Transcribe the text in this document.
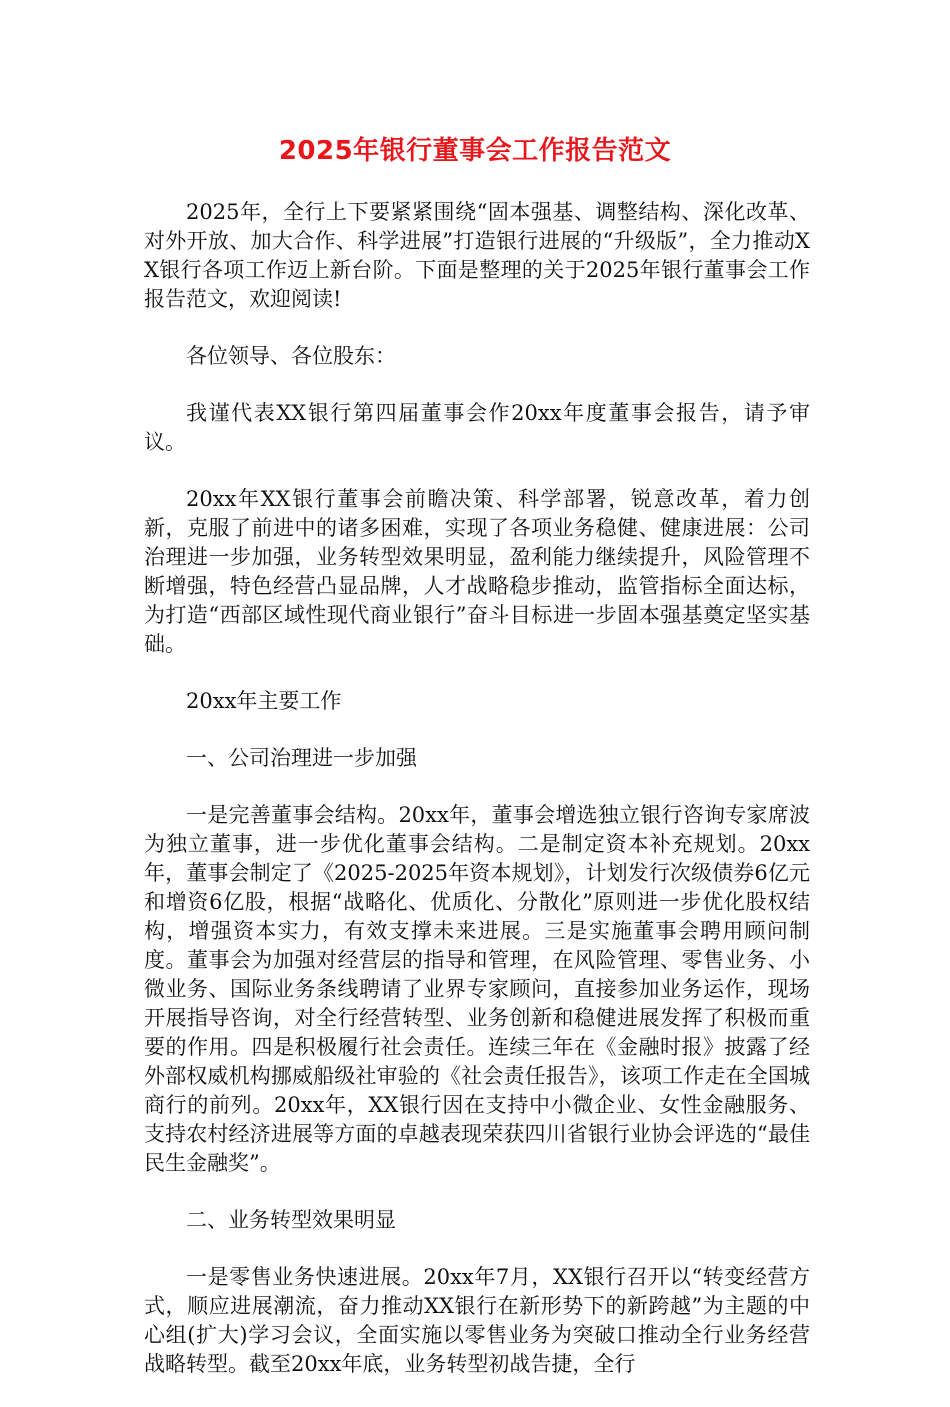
2025年银行董事会工作报告范文

2025年，全行上下要紧紧围绕“固本强基、调整结构、深化改革、对外开放、加大合作、科学进展”打造银行进展的“升级版”，全力推动XX银行各项工作迈上新台阶。下面是整理的关于2025年银行董事会工作报告范文，欢迎阅读!

各位领导、各位股东：

我谨代表XX银行第四届董事会作20xx年度董事会报告，请予审议。

20xx年XX银行董事会前瞻决策、科学部署，锐意改革，着力创新，克服了前进中的诸多困难，实现了各项业务稳健、健康进展：公司治理进一步加强，业务转型效果明显，盈利能力继续提升，风险管理不断增强，特色经营凸显品牌，人才战略稳步推动，监管指标全面达标，为打造“西部区域性现代商业银行”奋斗目标进一步固本强基奠定坚实基础。

20xx年主要工作

一、公司治理进一步加强

一是完善董事会结构。20xx年，董事会增选独立银行咨询专家席波为独立董事，进一步优化董事会结构。二是制定资本补充规划。20xx年，董事会制定了《2025-2025年资本规划》，计划发行次级债券6亿元和增资6亿股，根据“战略化、优质化、分散化”原则进一步优化股权结构，增强资本实力，有效支撑未来进展。三是实施董事会聘用顾问制度。董事会为加强对经营层的指导和管理，在风险管理、零售业务、小微业务、国际业务条线聘请了业界专家顾问，直接参加业务运作，现场开展指导咨询，对全行经营转型、业务创新和稳健进展发挥了积极而重要的作用。四是积极履行社会责任。连续三年在《金融时报》披露了经外部权威机构挪威船级社审验的《社会责任报告》，该项工作走在全国城商行的前列。20xx年，XX银行因在支持中小微企业、女性金融服务、支持农村经济进展等方面的卓越表现荣获四川省银行业协会评选的“最佳民生金融奖”。

二、业务转型效果明显

一是零售业务快速进展。20xx年7月，XX银行召开以“转变经营方式，顺应进展潮流，奋力推动XX银行在新形势下的新跨越”为主题的中心组(扩大)学习会议，全面实施以零售业务为突破口推动全行业务经营战略转型。截至20xx年底，业务转型初战告捷，全行
